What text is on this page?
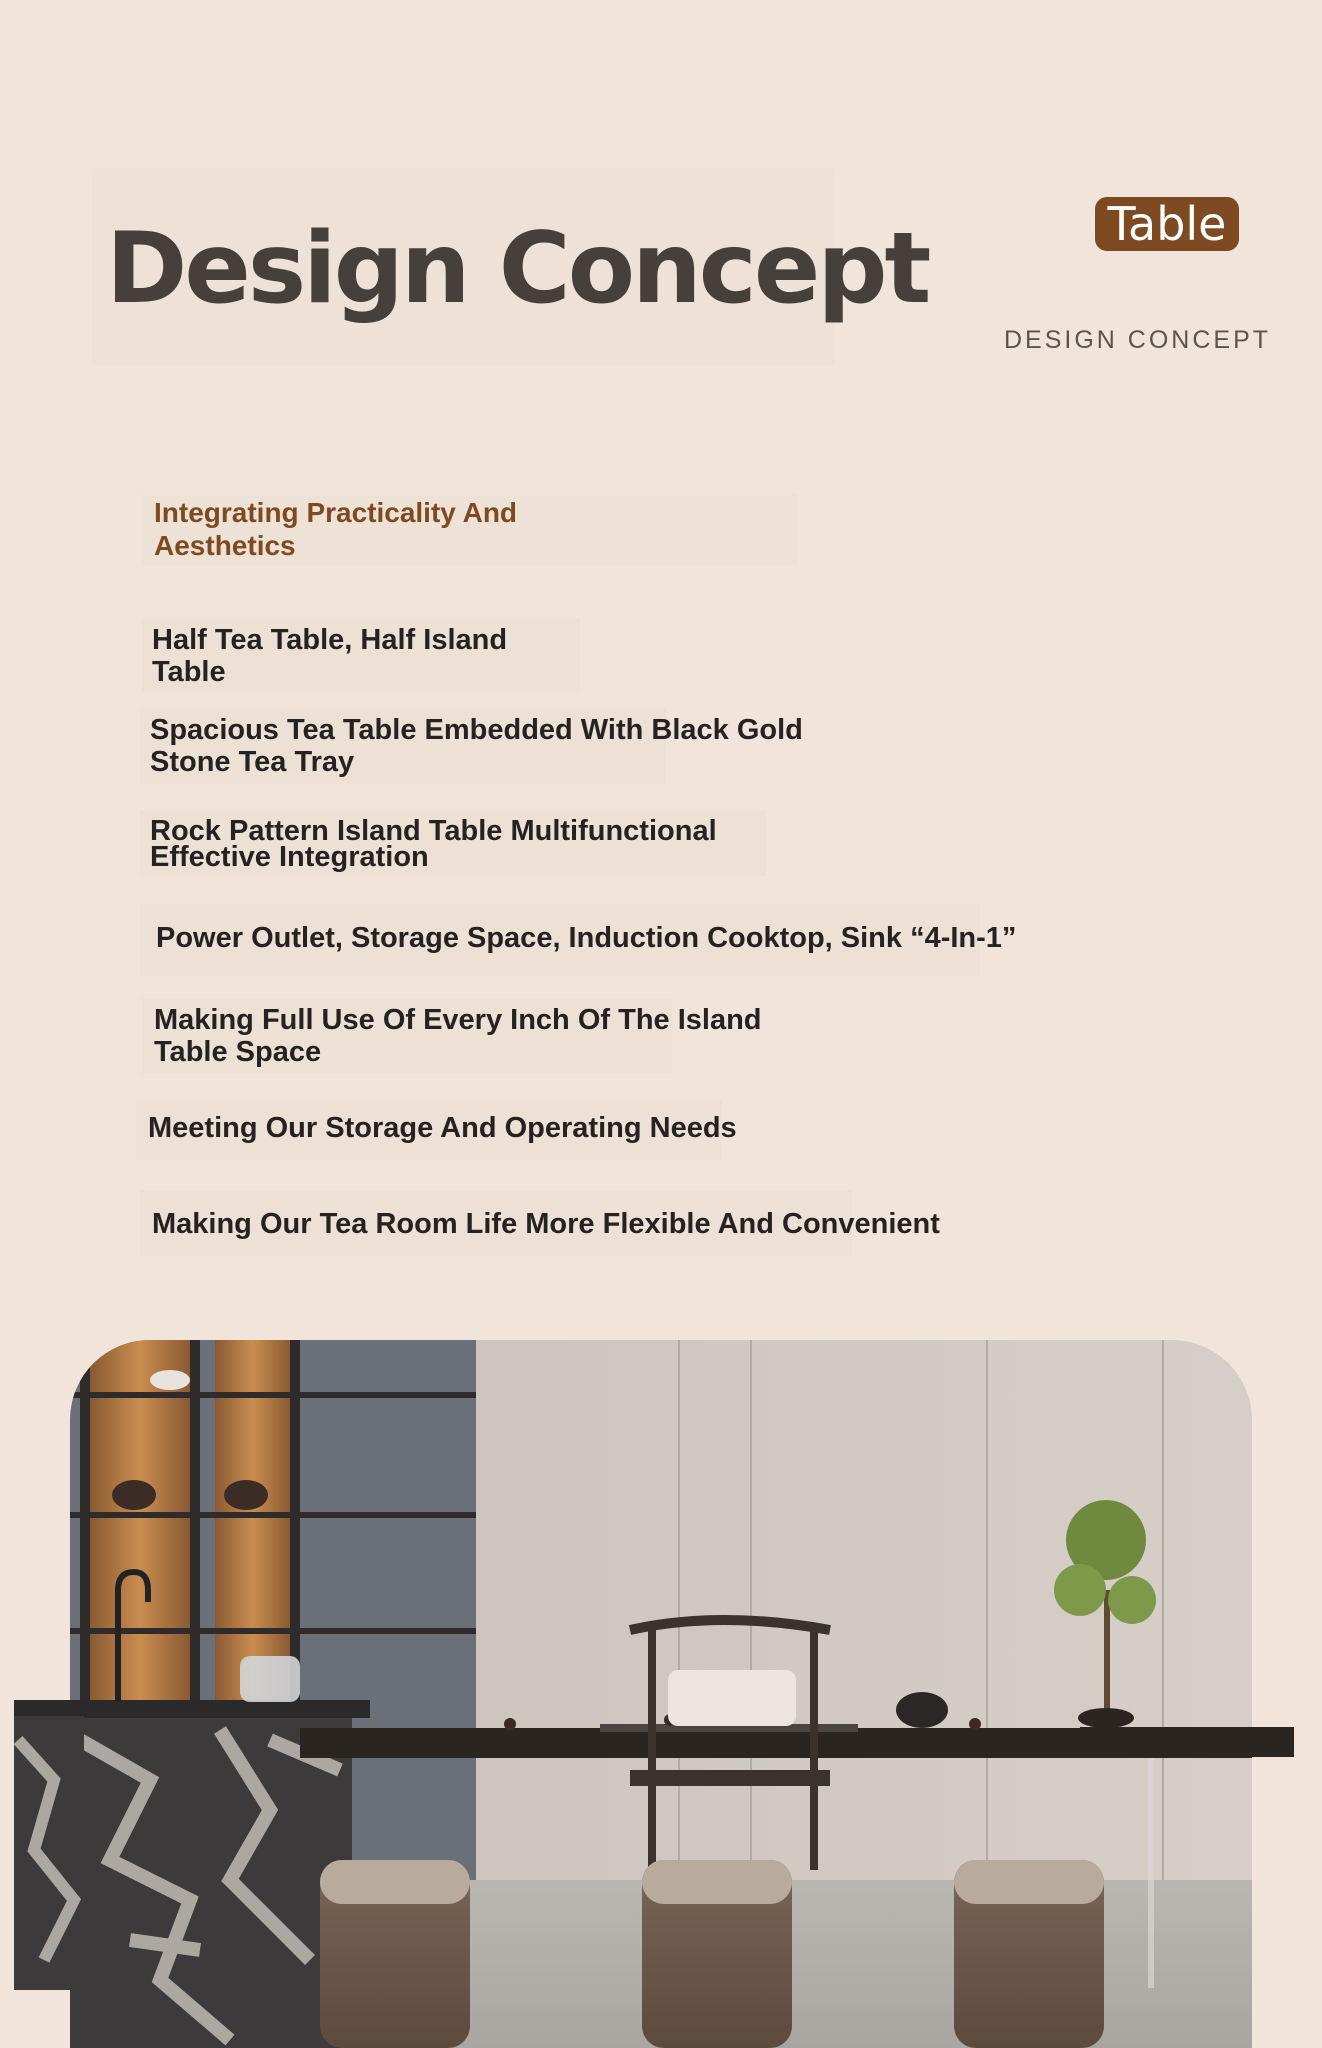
Design Concept	Table
DESIGN CONCEPT
Integrating Practicality And Aesthetics
Half Tea Table, Half Island Table
Spacious Tea Table Embedded With Black Gold Stone Tea Tray
Rock Pattern Island Table Multifunctional Effective Integration
Power Outlet, Storage Space, Induction Cooktop, Sink “4-In-1”
Making Full Use Of Every Inch Of The Island Table Space
Meeting Our Storage And Operating Needs
Making Our Tea Room Life More Flexible And Convenient
